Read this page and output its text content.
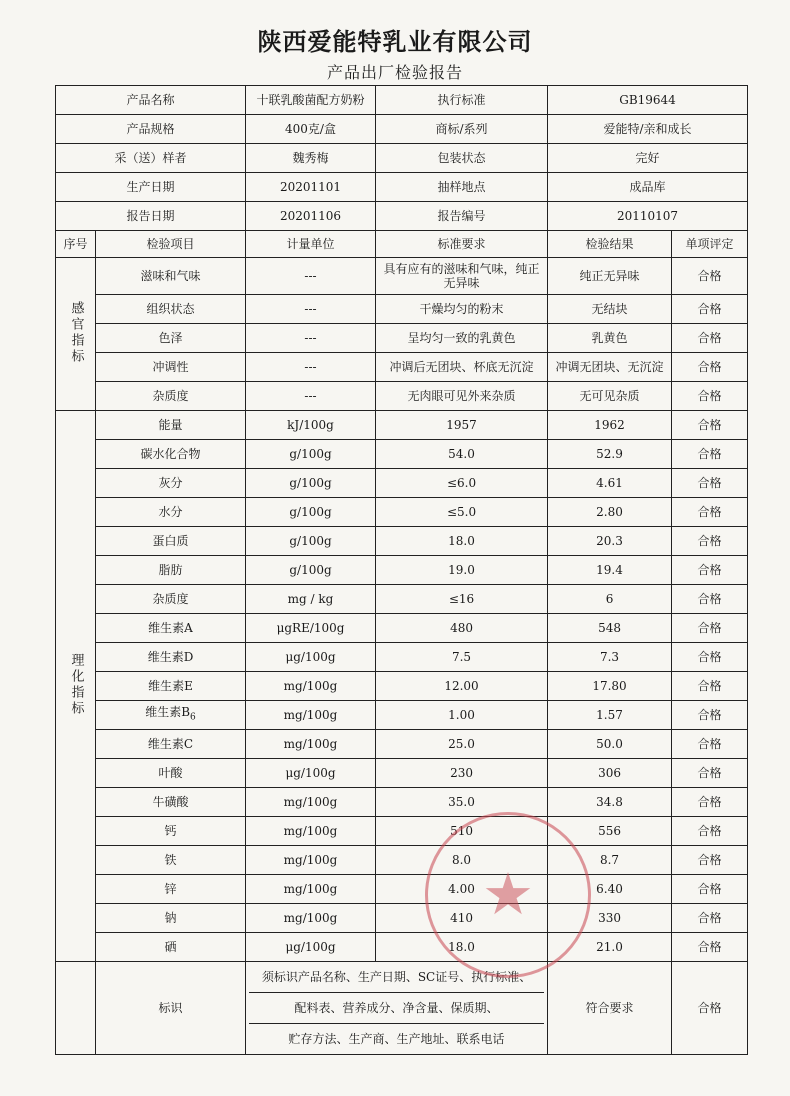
陕西爱能特乳业有限公司
产品出厂检验报告
产品名称		十联乳酸菌配方奶粉	执行标准	GB19644	
产品规格		400克/盒	商标/系列	爱能特/亲和成长	
采（送）样者		魏秀梅	包装状态	完好	
生产日期		20201101	抽样地点	成品库	
报告日期		20201106	报告编号	20110107	
序号	检验项目	计量单位	标准要求	检验结果	单项评定
感官指标	滋味和气味	---	具有应有的滋味和气味，纯正无异味	纯正无异味	合格
	组织状态	---	干燥均匀的粉末	无结块	合格
	色泽	---	呈均匀一致的乳黄色	乳黄色	合格
	冲调性	---	冲调后无团块、杯底无沉淀	冲调无团块、无沉淀	合格
	杂质度	---	无肉眼可见外来杂质	无可见杂质	合格
理化指标	能量	kJ/100g	1957	1962	合格
	碳水化合物	g/100g	54.0	52.9	合格
	灰分	g/100g	≤6.0	4.61	合格
	水分	g/100g	≤5.0	2.80	合格
	蛋白质	g/100g	18.0	20.3	合格
	脂肪	g/100g	19.0	19.4	合格
	杂质度	mg / kg	≤16	6	合格
	维生素A	μgRE/100g	480	548	合格
	维生素D	μg/100g	7.5	7.3	合格
	维生素E	mg/100g	12.00	17.80	合格
	维生素$B_6$	mg/100g	1.00	1.57	合格
	维生素C	mg/100g	25.0	50.0	合格
	叶酸	μg/100g	230	306	合格
	牛磺酸	mg/100g	35.0	34.8	合格
	钙	mg/100g	510	556	合格
	铁	mg/100g	8.0	8.7	合格
	锌	mg/100g	4.00	6.40	合格
	钠	mg/100g	410	330	合格
	硒	μg/100g	18.0	21.0	合格
	标识	须标识产品名称、生产日期、SC证号、执行标准、
配料表、营养成分、净含量、保质期、
贮存方法、生产商、生产地址、联系电话		符合要求	合格
★
